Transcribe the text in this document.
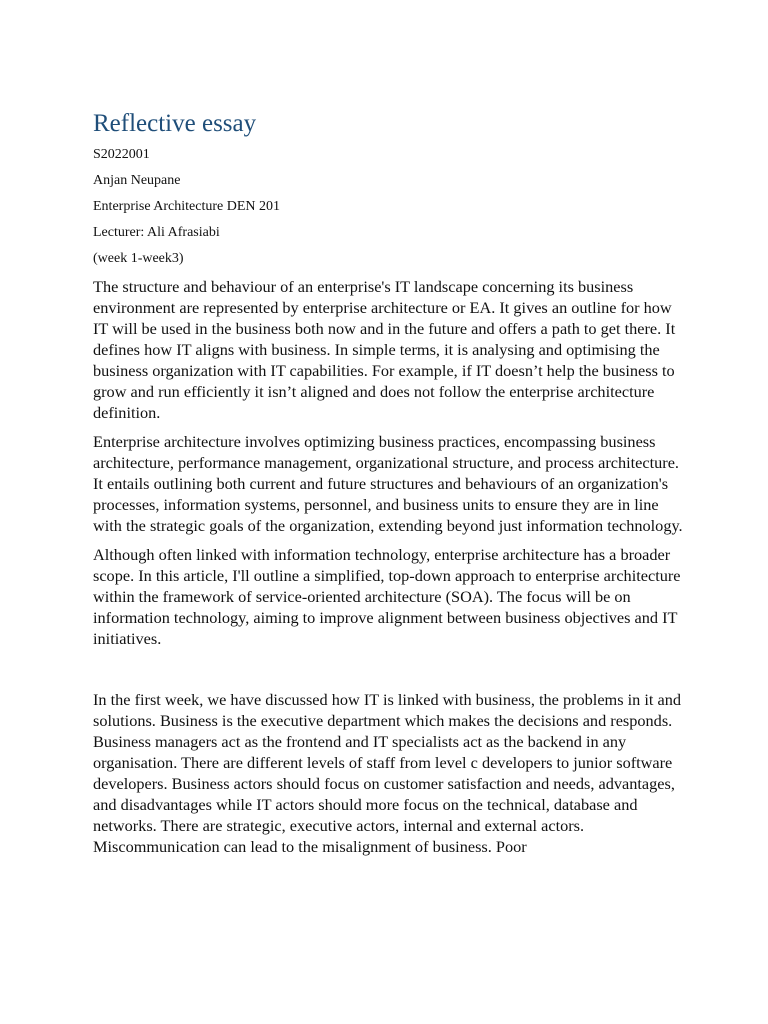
Reflective essay

S2022001

Anjan Neupane

Enterprise Architecture DEN 201

Lecturer: Ali Afrasiabi

(week 1-week3)

The structure and behaviour of an enterprise's IT landscape concerning its business environment are represented by enterprise architecture or EA. It gives an outline for how IT will be used in the business both now and in the future and offers a path to get there. It defines how IT aligns with business. In simple terms, it is analysing and optimising the business organization with IT capabilities. For example, if IT doesn’t help the business to grow and run efficiently it isn’t aligned and does not follow the enterprise architecture definition.

Enterprise architecture involves optimizing business practices, encompassing business architecture, performance management, organizational structure, and process architecture. It entails outlining both current and future structures and behaviours of an organization's processes, information systems, personnel, and business units to ensure they are in line with the strategic goals of the organization, extending beyond just information technology.

Although often linked with information technology, enterprise architecture has a broader scope. In this article, I'll outline a simplified, top-down approach to enterprise architecture within the framework of service-oriented architecture (SOA). The focus will be on information technology, aiming to improve alignment between business objectives and IT initiatives.

In the first week, we have discussed how IT is linked with business, the problems in it and solutions. Business is the executive department which makes the decisions and responds. Business managers act as the frontend and IT specialists act as the backend in any organisation. There are different levels of staff from level c developers to junior software developers. Business actors should focus on customer satisfaction and needs, advantages, and disadvantages while IT actors should more focus on the technical, database and networks. There are strategic, executive actors, internal and external actors. Miscommunication can lead to the misalignment of business. Poor
